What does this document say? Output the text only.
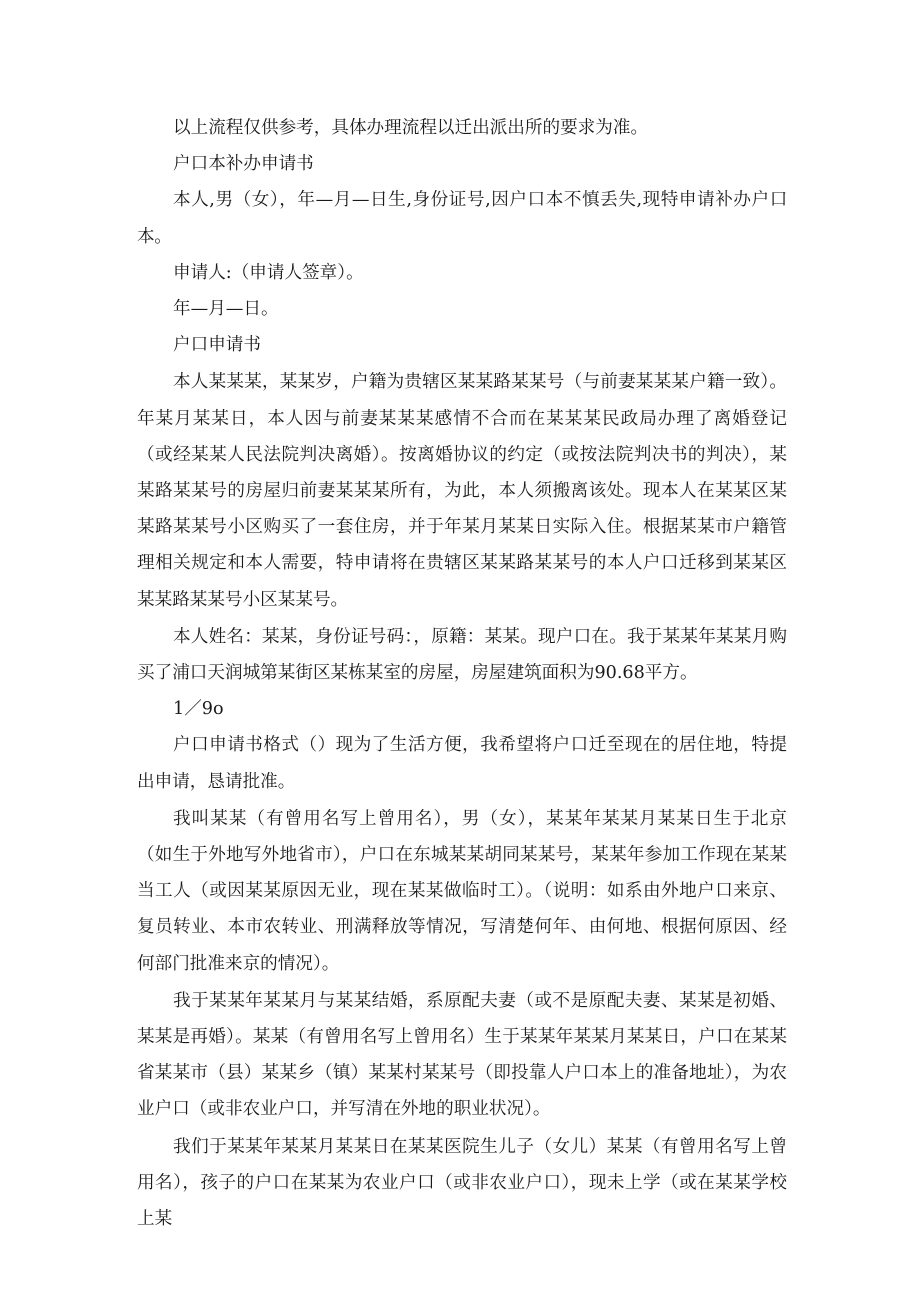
以上流程仅供参考，具体办理流程以迁出派出所的要求为准。

户口本补办申请书

本人,男（女），年—月—日生,身份证号,因户口本不慎丢失,现特申请补办户口本。

申请人:（申请人签章）。

年—月—日。

户口申请书

本人某某某，某某岁，户籍为贵辖区某某路某某号（与前妻某某某户籍一致）。年某月某某日，本人因与前妻某某某感情不合而在某某某民政局办理了离婚登记（或经某某人民法院判决离婚）。按离婚协议的约定（或按法院判决书的判决），某某路某某号的房屋归前妻某某某所有，为此，本人须搬离该处。现本人在某某区某某路某某号小区购买了一套住房，并于年某月某某日实际入住。根据某某市户籍管理相关规定和本人需要，特申请将在贵辖区某某路某某号的本人户口迁移到某某区某某路某某号小区某某号。

本人姓名：某某，身份证号码：，原籍：某某。现户口在。我于某某年某某月购买了浦口天润城第某街区某栋某室的房屋，房屋建筑面积为90.68平方。

1／9o

户口申请书格式（）现为了生活方便，我希望将户口迁至现在的居住地，特提出申请，恳请批准。

我叫某某（有曾用名写上曾用名），男（女），某某年某某月某某日生于北京（如生于外地写外地省市），户口在东城某某胡同某某号，某某年参加工作现在某某当工人（或因某某原因无业，现在某某做临时工）。（说明：如系由外地户口来京、复员转业、本市农转业、刑满释放等情况，写清楚何年、由何地、根据何原因、经何部门批准来京的情况）。

我于某某年某某月与某某结婚，系原配夫妻（或不是原配夫妻、某某是初婚、某某是再婚）。某某（有曾用名写上曾用名）生于某某年某某月某某日，户口在某某省某某市（县）某某乡（镇）某某村某某号（即投靠人户口本上的准备地址），为农业户口（或非农业户口，并写清在外地的职业状况）。

我们于某某年某某月某某日在某某医院生儿子（女儿）某某（有曾用名写上曾用名），孩子的户口在某某为农业户口（或非农业户口），现未上学（或在某某学校上某
